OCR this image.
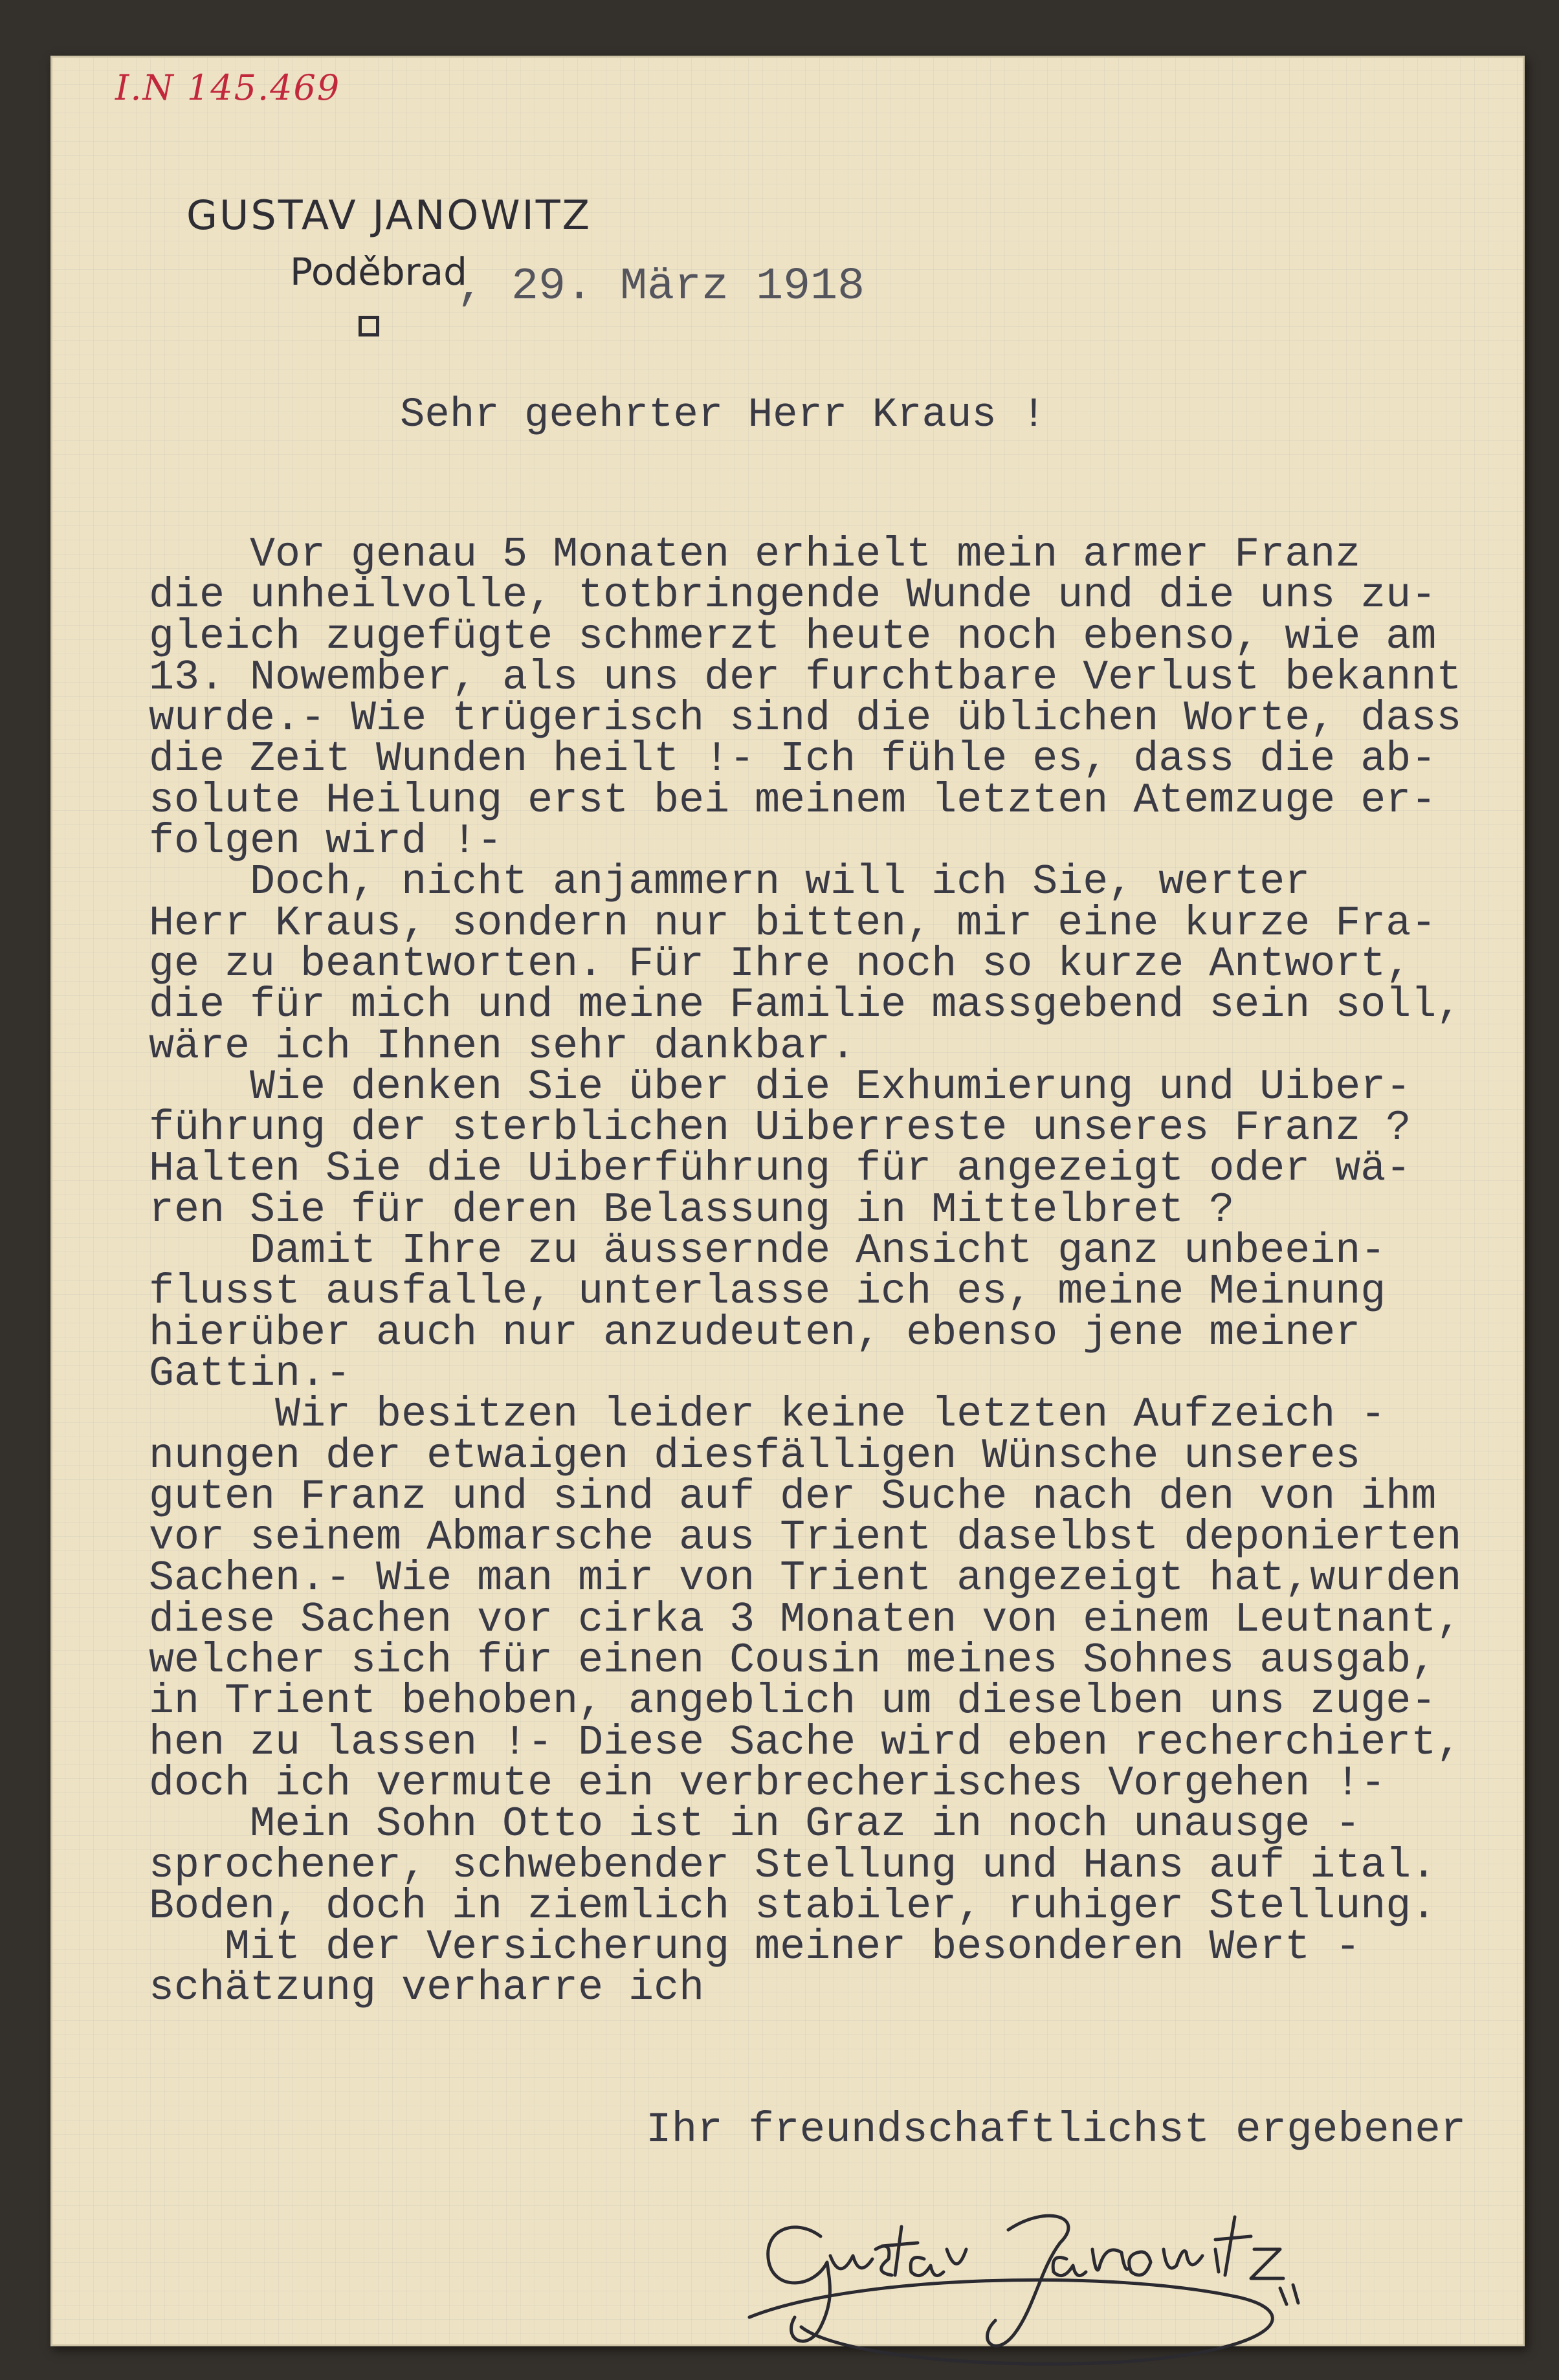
I.N 145.469
GUSTAV JANOWITZ
Poděbrad
, 29. März 1918
Sehr geehrter Herr Kraus !
Vor genau 5 Monaten erhielt mein armer Franz
die unheilvolle, totbringende Wunde und die uns zu-
gleich zugefügte schmerzt heute noch ebenso, wie am
13. Nowember, als uns der furchtbare Verlust bekannt
wurde.- Wie trügerisch sind die üblichen Worte, dass
die Zeit Wunden heilt !- Ich fühle es, dass die ab-
solute Heilung erst bei meinem letzten Atemzuge er-
folgen wird !-
Doch, nicht anjammern will ich Sie, werter
Herr Kraus, sondern nur bitten, mir eine kurze Fra-
ge zu beantworten. Für Ihre noch so kurze Antwort,
die für mich und meine Familie massgebend sein soll,
wäre ich Ihnen sehr dankbar.
Wie denken Sie über die Exhumierung und Uiber-
führung der sterblichen Uiberreste unseres Franz ?
Halten Sie die Uiberführung für angezeigt oder wä-
ren Sie für deren Belassung in Mittelbret ?
Damit Ihre zu äussernde Ansicht ganz unbeein-
flusst ausfalle, unterlasse ich es, meine Meinung
hierüber auch nur anzudeuten, ebenso jene meiner
Gattin.-
Wir besitzen leider keine letzten Aufzeich -
nungen der etwaigen diesfälligen Wünsche unseres
guten Franz und sind auf der Suche nach den von ihm
vor seinem Abmarsche aus Trient daselbst deponierten
Sachen.- Wie man mir von Trient angezeigt hat,wurden
diese Sachen vor cirka 3 Monaten von einem Leutnant,
welcher sich für einen Cousin meines Sohnes ausgab,
in Trient behoben, angeblich um dieselben uns zuge-
hen zu lassen !- Diese Sache wird eben recherchiert,
doch ich vermute ein verbrecherisches Vorgehen !-
Mein Sohn Otto ist in Graz in noch unausge -
sprochener, schwebender Stellung und Hans auf ital.
Boden, doch in ziemlich stabiler, ruhiger Stellung.
Mit der Versicherung meiner besonderen Wert -
schätzung verharre ich
Ihr freundschaftlichst ergebener
